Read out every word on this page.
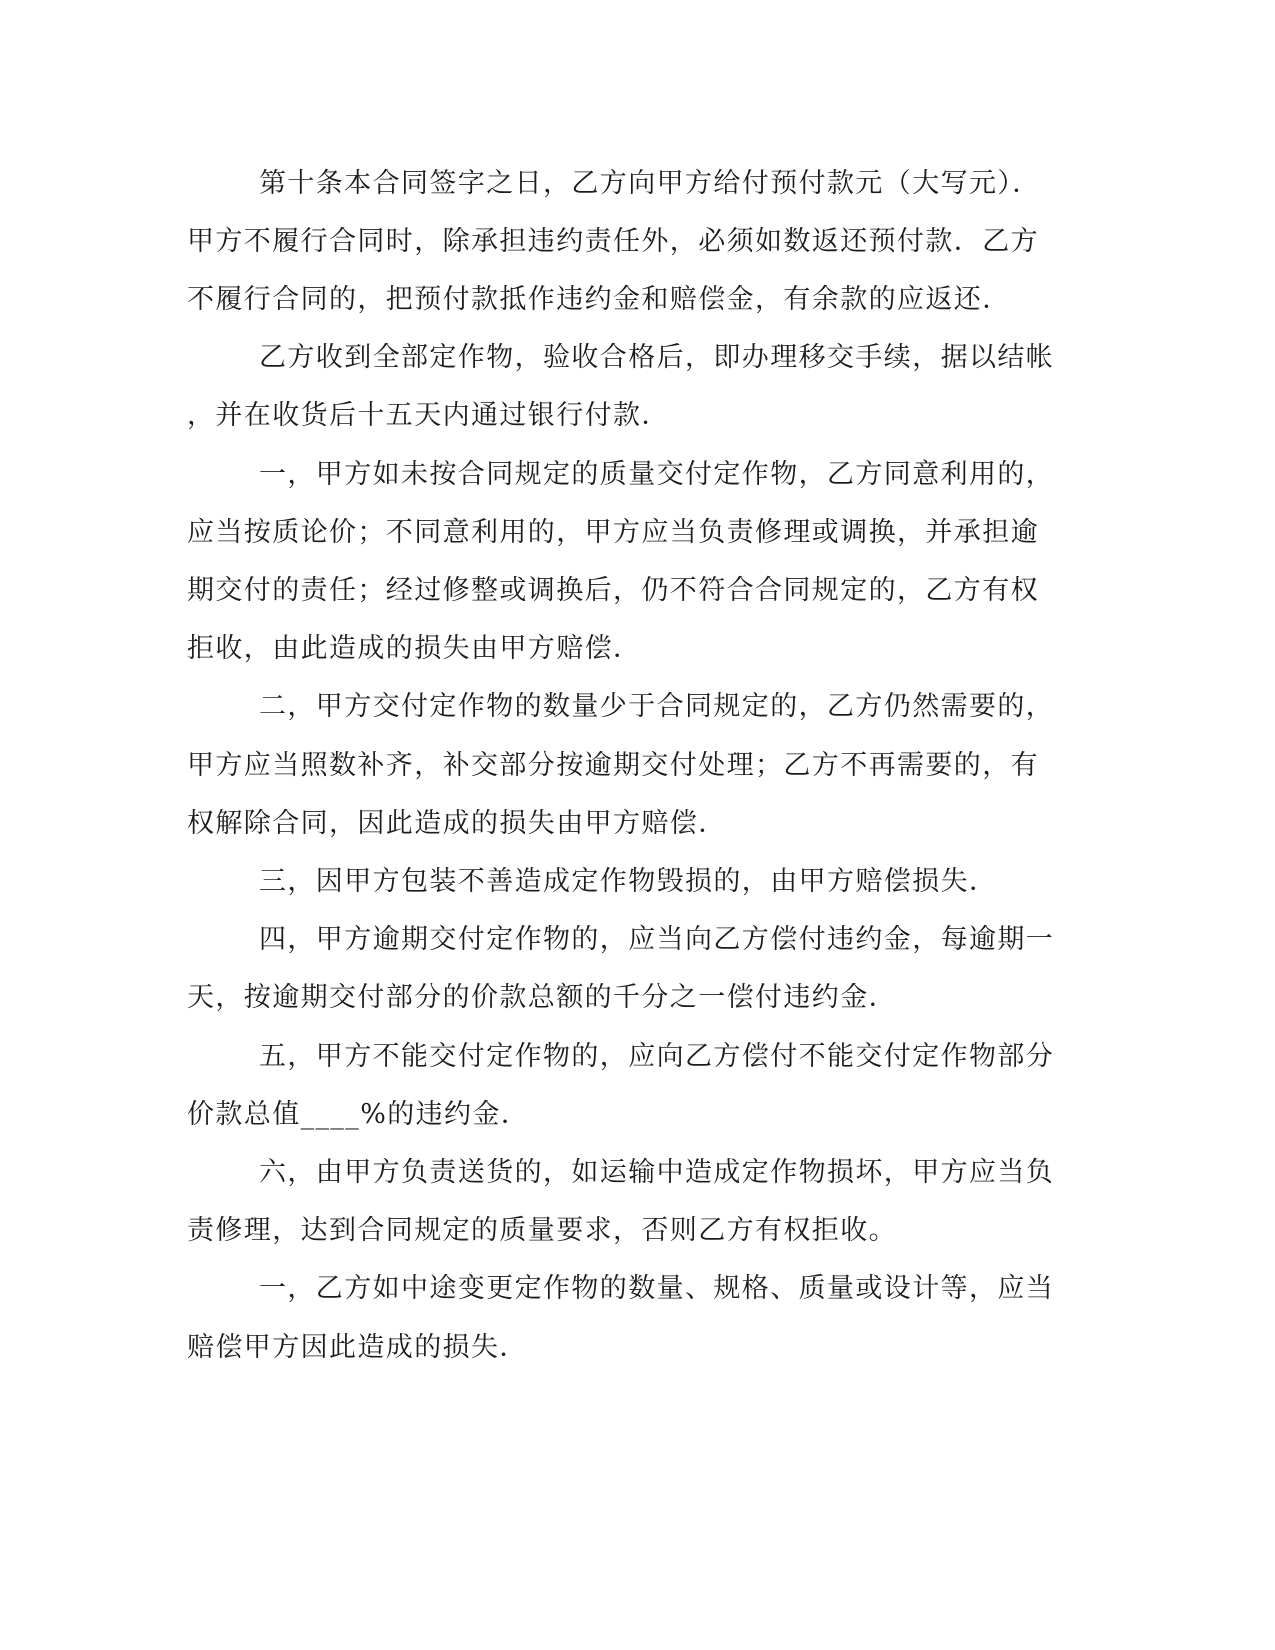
第十条本合同签字之日，乙方向甲方给付预付款元（大写元）．
甲方不履行合同时，除承担违约责任外，必须如数返还预付款．乙方
不履行合同的，把预付款抵作违约金和赔偿金，有余款的应返还．
乙方收到全部定作物，验收合格后，即办理移交手续，据以结帐
，并在收货后十五天内通过银行付款．
一，甲方如未按合同规定的质量交付定作物，乙方同意利用的，
应当按质论价；不同意利用的，甲方应当负责修理或调换，并承担逾
期交付的责任；经过修整或调换后，仍不符合合同规定的，乙方有权
拒收，由此造成的损失由甲方赔偿．
二，甲方交付定作物的数量少于合同规定的，乙方仍然需要的，
甲方应当照数补齐，补交部分按逾期交付处理；乙方不再需要的，有
权解除合同，因此造成的损失由甲方赔偿．
三，因甲方包装不善造成定作物毁损的，由甲方赔偿损失．
四，甲方逾期交付定作物的，应当向乙方偿付违约金，每逾期一
天，按逾期交付部分的价款总额的千分之一偿付违约金．
五，甲方不能交付定作物的，应向乙方偿付不能交付定作物部分
价款总值____%的违约金．
六，由甲方负责送货的，如运输中造成定作物损坏，甲方应当负
责修理，达到合同规定的质量要求，否则乙方有权拒收。
一，乙方如中途变更定作物的数量、规格、质量或设计等，应当
赔偿甲方因此造成的损失．
